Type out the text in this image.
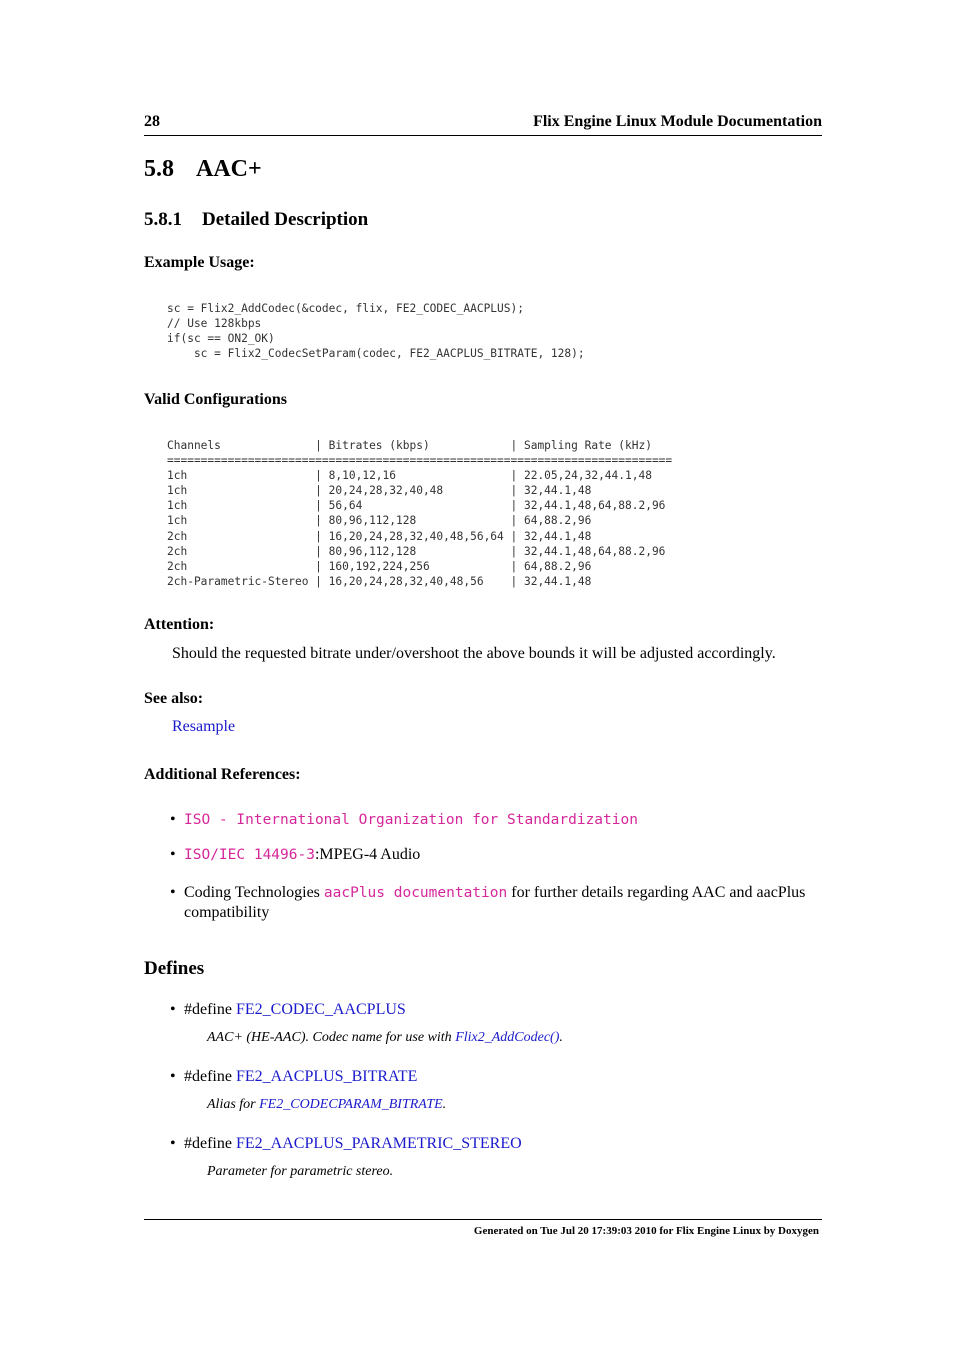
28	Flix Engine Linux Module Documentation
5.8 AAC+
5.8.1 Detailed Description
Example Usage:
sc = Flix2_AddCodec(&codec, flix, FE2_CODEC_AACPLUS);
// Use 128kbps
if(sc == ON2_OK)
sc = Flix2_CodecSetParam(codec, FE2_AACPLUS_BITRATE, 128);
Valid Configurations
Channels              | Bitrates (kbps)            | Sampling Rate (kHz)
===========================================================================
1ch                   | 8,10,12,16                 | 22.05,24,32,44.1,48
1ch                   | 20,24,28,32,40,48          | 32,44.1,48
1ch                   | 56,64                      | 32,44.1,48,64,88.2,96
1ch                   | 80,96,112,128              | 64,88.2,96
2ch                   | 16,20,24,28,32,40,48,56,64 | 32,44.1,48
2ch                   | 80,96,112,128              | 32,44.1,48,64,88.2,96
2ch                   | 160,192,224,256            | 64,88.2,96
2ch-Parametric-Stereo | 16,20,24,28,32,40,48,56    | 32,44.1,48
Attention:
Should the requested bitrate under/overshoot the above bounds it will be adjusted accordingly.
See also:
Resample
Additional References:
• ISO - International Organization for Standardization
• ISO/IEC 14496-3:MPEG-4 Audio
• Coding Technologies aacPlus documentation for further details regarding AAC and aacPlus compatibility
Defines
• #define FE2_CODEC_AACPLUS
AAC+ (HE-AAC). Codec name for use with Flix2_AddCodec().
• #define FE2_AACPLUS_BITRATE
Alias for FE2_CODECPARAM_BITRATE.
• #define FE2_AACPLUS_PARAMETRIC_STEREO
Parameter for parametric stereo.
Generated on Tue Jul 20 17:39:03 2010 for Flix Engine Linux by Doxygen
